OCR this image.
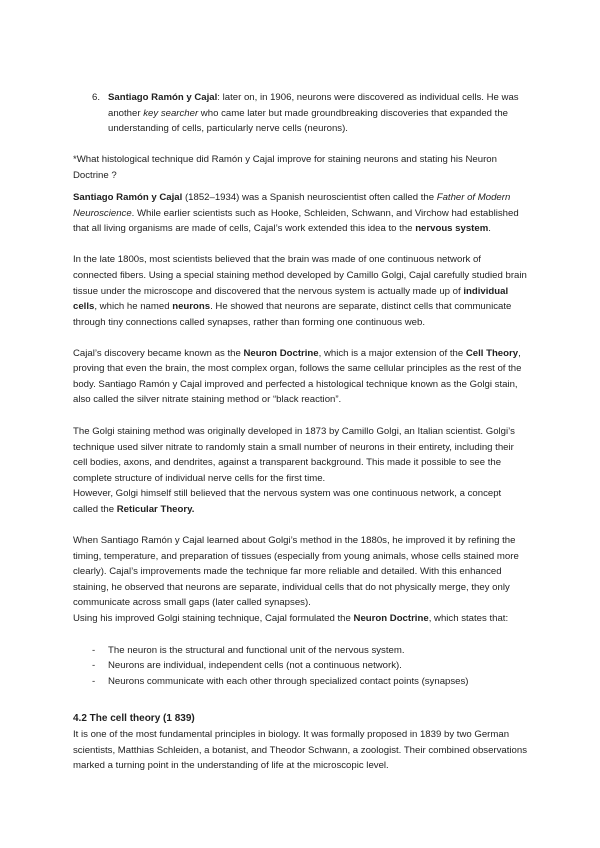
6. Santiago Ramón y Cajal: later on, in 1906, neurons were discovered as individual cells. He was another key searcher who came later but made groundbreaking discoveries that expanded the understanding of cells, particularly nerve cells (neurons).
*What histological technique did Ramón y Cajal improve for staining neurons and stating his Neuron Doctrine ?
Santiago Ramón y Cajal (1852–1934) was a Spanish neuroscientist often called the Father of Modern Neuroscience. While earlier scientists such as Hooke, Schleiden, Schwann, and Virchow had established that all living organisms are made of cells, Cajal’s work extended this idea to the nervous system.
In the late 1800s, most scientists believed that the brain was made of one continuous network of connected fibers. Using a special staining method developed by Camillo Golgi, Cajal carefully studied brain tissue under the microscope and discovered that the nervous system is actually made up of individual cells, which he named neurons. He showed that neurons are separate, distinct cells that communicate through tiny connections called synapses, rather than forming one continuous web.
Cajal’s discovery became known as the Neuron Doctrine, which is a major extension of the Cell Theory, proving that even the brain, the most complex organ, follows the same cellular principles as the rest of the body. Santiago Ramón y Cajal improved and perfected a histological technique known as the Golgi stain, also called the silver nitrate staining method or “black reaction”.
The Golgi staining method was originally developed in 1873 by Camillo Golgi, an Italian scientist. Golgi’s technique used silver nitrate to randomly stain a small number of neurons in their entirety, including their cell bodies, axons, and dendrites, against a transparent background. This made it possible to see the complete structure of individual nerve cells for the first time.
However, Golgi himself still believed that the nervous system was one continuous network, a concept called the Reticular Theory.
When Santiago Ramón y Cajal learned about Golgi’s method in the 1880s, he improved it by refining the timing, temperature, and preparation of tissues (especially from young animals, whose cells stained more clearly). Cajal’s improvements made the technique far more reliable and detailed. With this enhanced staining, he observed that neurons are separate, individual cells that do not physically merge, they only communicate across small gaps (later called synapses).
Using his improved Golgi staining technique, Cajal formulated the Neuron Doctrine, which states that:
- The neuron is the structural and functional unit of the nervous system.
- Neurons are individual, independent cells (not a continuous network).
- Neurons communicate with each other through specialized contact points (synapses)
4.2 The cell theory (1 839)
It is one of the most fundamental principles in biology. It was formally proposed in 1839 by two German scientists, Matthias Schleiden, a botanist, and Theodor Schwann, a zoologist. Their combined observations marked a turning point in the understanding of life at the microscopic level.
